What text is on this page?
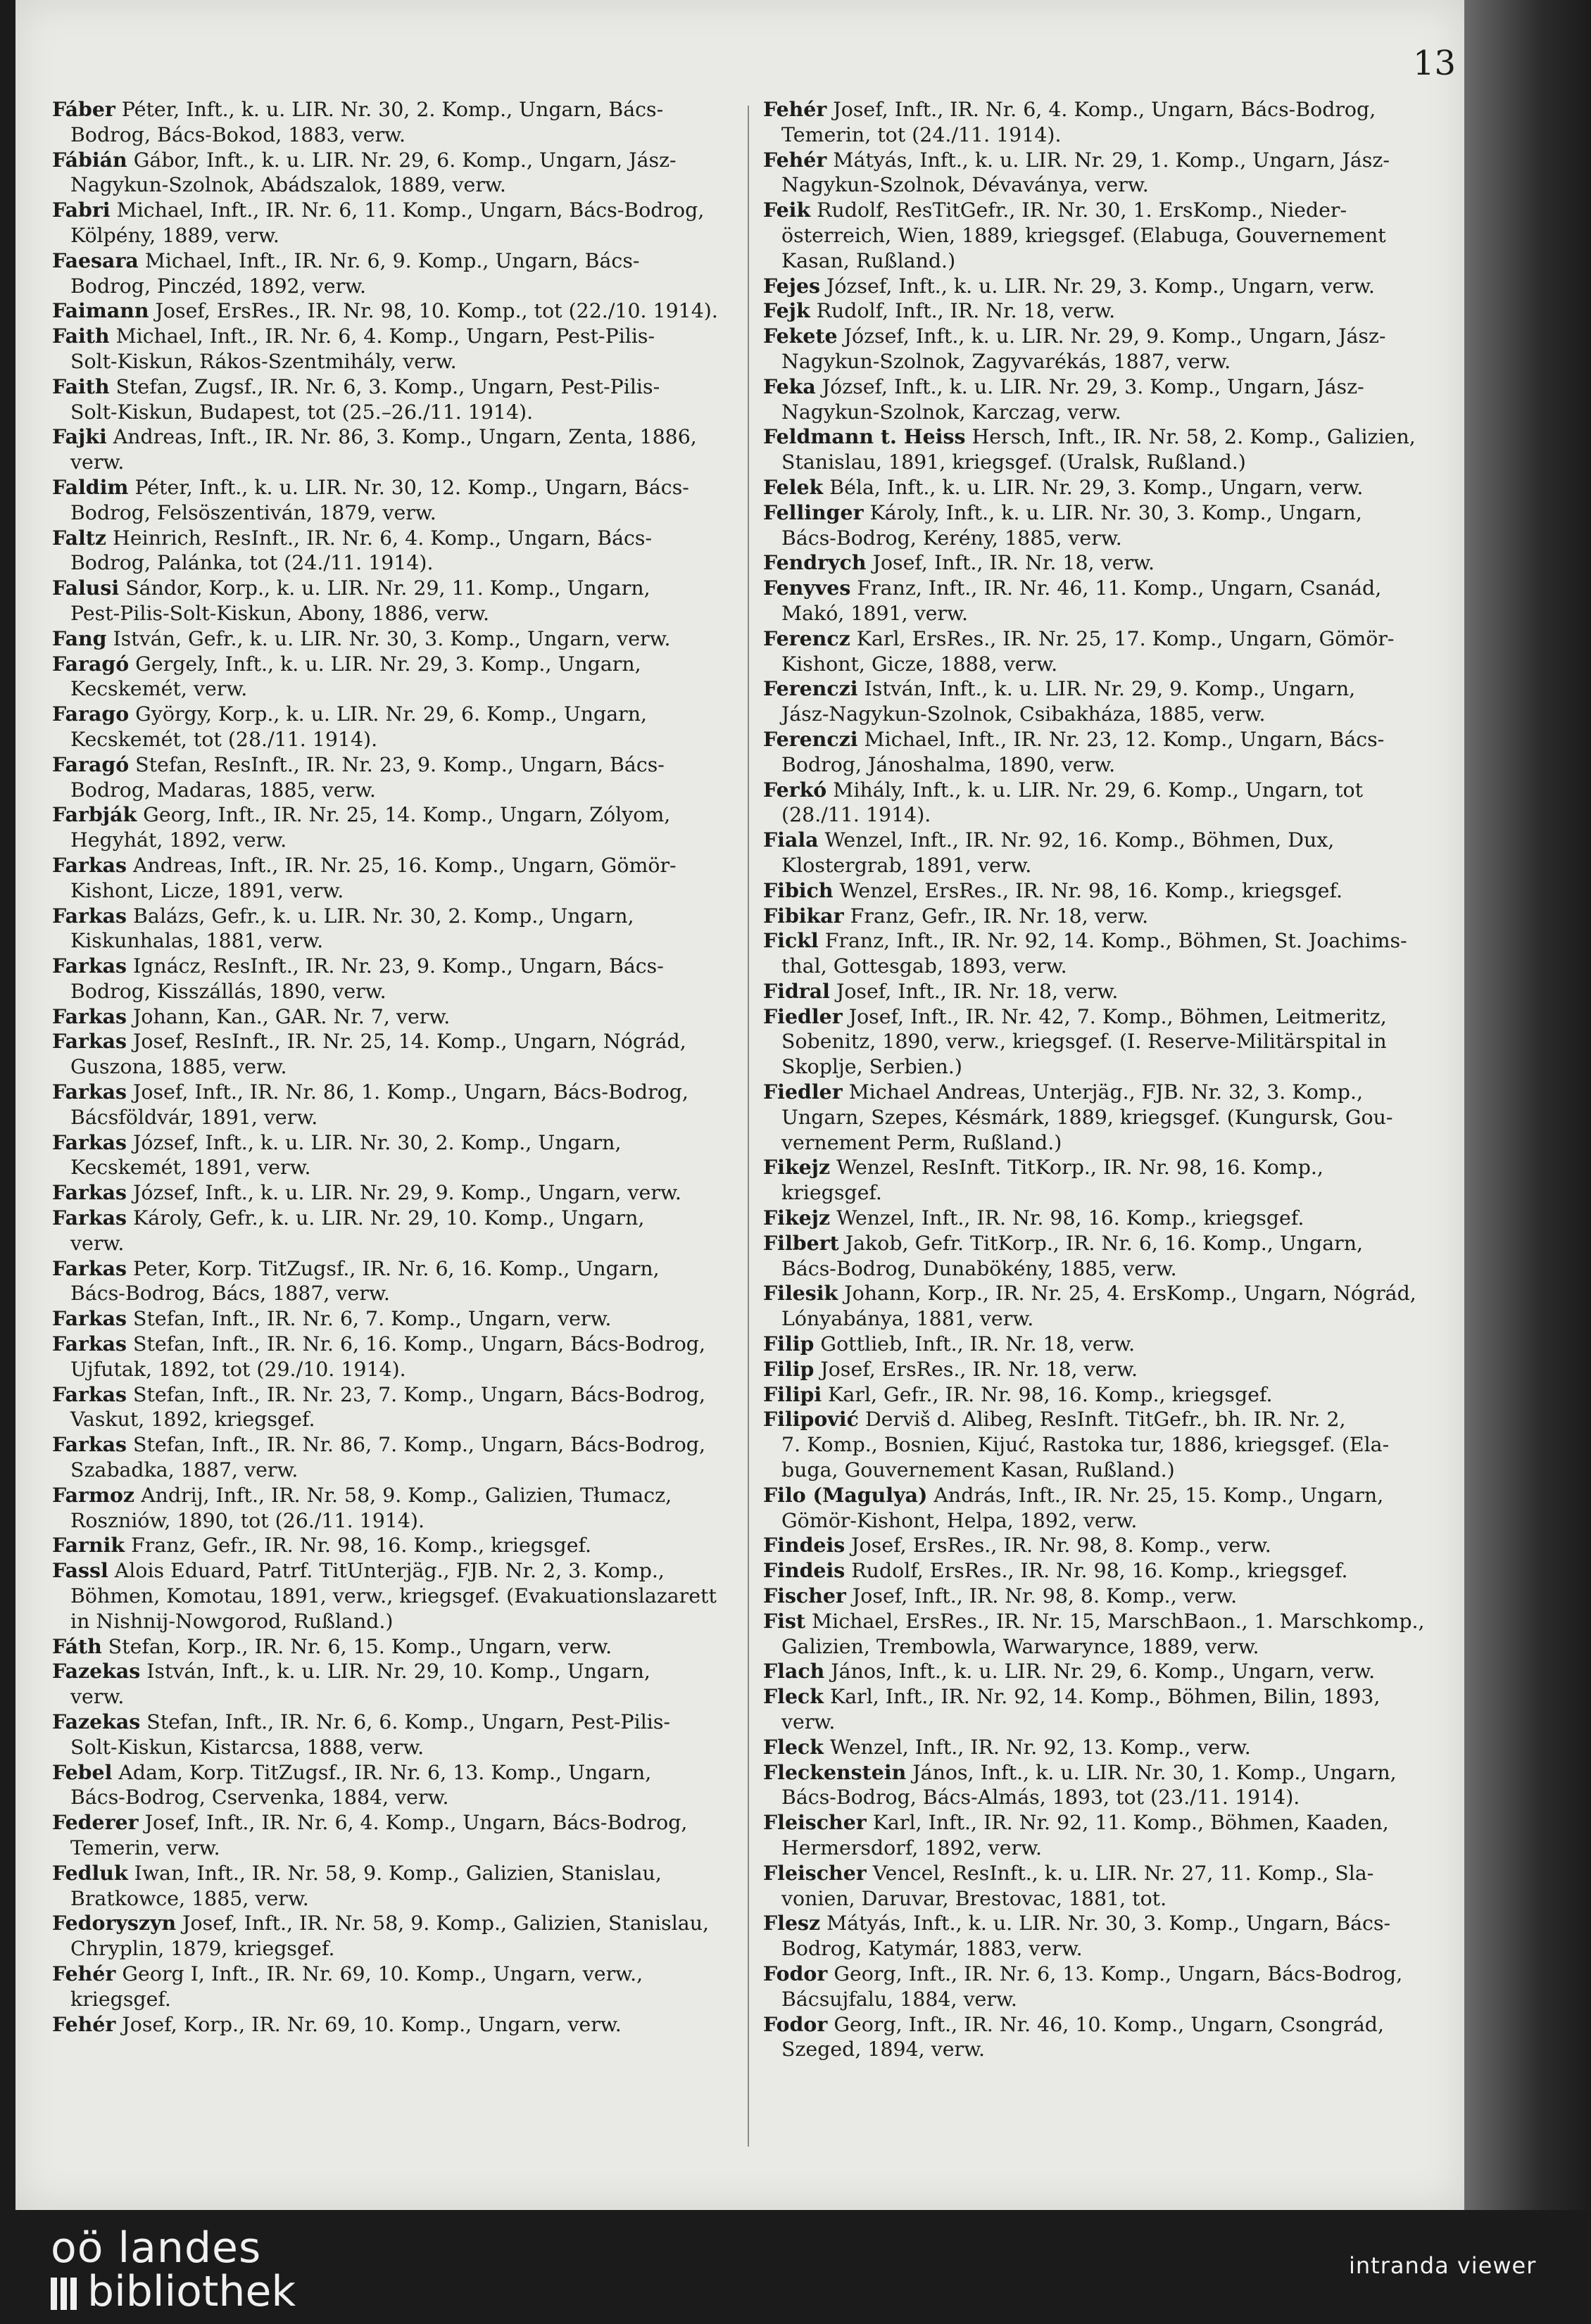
13
Fáber Péter, Inft., k. u. LIR. Nr. 30, 2. Komp., Ungarn, Bács-
Bodrog, Bács-Bokod, 1883, verw.
Fábián Gábor, Inft., k. u. LIR. Nr. 29, 6. Komp., Ungarn, Jász-
Nagykun-Szolnok, Abádszalok, 1889, verw.
Fabri Michael, Inft., IR. Nr. 6, 11. Komp., Ungarn, Bács-Bodrog,
Kölpény, 1889, verw.
Faesara Michael, Inft., IR. Nr. 6, 9. Komp., Ungarn, Bács-
Bodrog, Pinczéd, 1892, verw.
Faimann Josef, ErsRes., IR. Nr. 98, 10. Komp., tot (22./10. 1914).
Faith Michael, Inft., IR. Nr. 6, 4. Komp., Ungarn, Pest-Pilis-
Solt-Kiskun, Rákos-Szentmihály, verw.
Faith Stefan, Zugsf., IR. Nr. 6, 3. Komp., Ungarn, Pest-Pilis-
Solt-Kiskun, Budapest, tot (25.–26./11. 1914).
Fajki Andreas, Inft., IR. Nr. 86, 3. Komp., Ungarn, Zenta, 1886,
verw.
Faldim Péter, Inft., k. u. LIR. Nr. 30, 12. Komp., Ungarn, Bács-
Bodrog, Felsöszentiván, 1879, verw.
Faltz Heinrich, ResInft., IR. Nr. 6, 4. Komp., Ungarn, Bács-
Bodrog, Palánka, tot (24./11. 1914).
Falusi Sándor, Korp., k. u. LIR. Nr. 29, 11. Komp., Ungarn,
Pest-Pilis-Solt-Kiskun, Abony, 1886, verw.
Fang István, Gefr., k. u. LIR. Nr. 30, 3. Komp., Ungarn, verw.
Faragó Gergely, Inft., k. u. LIR. Nr. 29, 3. Komp., Ungarn,
Kecskemét, verw.
Farago György, Korp., k. u. LIR. Nr. 29, 6. Komp., Ungarn,
Kecskemét, tot (28./11. 1914).
Faragó Stefan, ResInft., IR. Nr. 23, 9. Komp., Ungarn, Bács-
Bodrog, Madaras, 1885, verw.
Farbják Georg, Inft., IR. Nr. 25, 14. Komp., Ungarn, Zólyom,
Hegyhát, 1892, verw.
Farkas Andreas, Inft., IR. Nr. 25, 16. Komp., Ungarn, Gömör-
Kishont, Licze, 1891, verw.
Farkas Balázs, Gefr., k. u. LIR. Nr. 30, 2. Komp., Ungarn,
Kiskunhalas, 1881, verw.
Farkas Ignácz, ResInft., IR. Nr. 23, 9. Komp., Ungarn, Bács-
Bodrog, Kisszállás, 1890, verw.
Farkas Johann, Kan., GAR. Nr. 7, verw.
Farkas Josef, ResInft., IR. Nr. 25, 14. Komp., Ungarn, Nógrád,
Guszona, 1885, verw.
Farkas Josef, Inft., IR. Nr. 86, 1. Komp., Ungarn, Bács-Bodrog,
Bácsföldvár, 1891, verw.
Farkas József, Inft., k. u. LIR. Nr. 30, 2. Komp., Ungarn,
Kecskemét, 1891, verw.
Farkas József, Inft., k. u. LIR. Nr. 29, 9. Komp., Ungarn, verw.
Farkas Károly, Gefr., k. u. LIR. Nr. 29, 10. Komp., Ungarn,
verw.
Farkas Peter, Korp. TitZugsf., IR. Nr. 6, 16. Komp., Ungarn,
Bács-Bodrog, Bács, 1887, verw.
Farkas Stefan, Inft., IR. Nr. 6, 7. Komp., Ungarn, verw.
Farkas Stefan, Inft., IR. Nr. 6, 16. Komp., Ungarn, Bács-Bodrog,
Ujfutak, 1892, tot (29./10. 1914).
Farkas Stefan, Inft., IR. Nr. 23, 7. Komp., Ungarn, Bács-Bodrog,
Vaskut, 1892, kriegsgef.
Farkas Stefan, Inft., IR. Nr. 86, 7. Komp., Ungarn, Bács-Bodrog,
Szabadka, 1887, verw.
Farmoz Andrij, Inft., IR. Nr. 58, 9. Komp., Galizien, Tłumacz,
Roszniów, 1890, tot (26./11. 1914).
Farnik Franz, Gefr., IR. Nr. 98, 16. Komp., kriegsgef.
Fassl Alois Eduard, Patrf. TitUnterjäg., FJB. Nr. 2, 3. Komp.,
Böhmen, Komotau, 1891, verw., kriegsgef. (Evakuationslazarett
in Nishnij-Nowgorod, Rußland.)
Fáth Stefan, Korp., IR. Nr. 6, 15. Komp., Ungarn, verw.
Fazekas István, Inft., k. u. LIR. Nr. 29, 10. Komp., Ungarn,
verw.
Fazekas Stefan, Inft., IR. Nr. 6, 6. Komp., Ungarn, Pest-Pilis-
Solt-Kiskun, Kistarcsa, 1888, verw.
Febel Adam, Korp. TitZugsf., IR. Nr. 6, 13. Komp., Ungarn,
Bács-Bodrog, Cservenka, 1884, verw.
Federer Josef, Inft., IR. Nr. 6, 4. Komp., Ungarn, Bács-Bodrog,
Temerin, verw.
Fedluk Iwan, Inft., IR. Nr. 58, 9. Komp., Galizien, Stanislau,
Bratkowce, 1885, verw.
Fedoryszyn Josef, Inft., IR. Nr. 58, 9. Komp., Galizien, Stanislau,
Chryplin, 1879, kriegsgef.
Fehér Georg I, Inft., IR. Nr. 69, 10. Komp., Ungarn, verw.,
kriegsgef.
Fehér Josef, Korp., IR. Nr. 69, 10. Komp., Ungarn, verw.
Fehér Josef, Inft., IR. Nr. 6, 4. Komp., Ungarn, Bács-Bodrog,
Temerin, tot (24./11. 1914).
Fehér Mátyás, Inft., k. u. LIR. Nr. 29, 1. Komp., Ungarn, Jász-
Nagykun-Szolnok, Dévaványa, verw.
Feik Rudolf, ResTitGefr., IR. Nr. 30, 1. ErsKomp., Nieder-
österreich, Wien, 1889, kriegsgef. (Elabuga, Gouvernement
Kasan, Rußland.)
Fejes József, Inft., k. u. LIR. Nr. 29, 3. Komp., Ungarn, verw.
Fejk Rudolf, Inft., IR. Nr. 18, verw.
Fekete József, Inft., k. u. LIR. Nr. 29, 9. Komp., Ungarn, Jász-
Nagykun-Szolnok, Zagyvarékás, 1887, verw.
Feka József, Inft., k. u. LIR. Nr. 29, 3. Komp., Ungarn, Jász-
Nagykun-Szolnok, Karczag, verw.
Feldmann t. Heiss Hersch, Inft., IR. Nr. 58, 2. Komp., Galizien,
Stanislau, 1891, kriegsgef. (Uralsk, Rußland.)
Felek Béla, Inft., k. u. LIR. Nr. 29, 3. Komp., Ungarn, verw.
Fellinger Károly, Inft., k. u. LIR. Nr. 30, 3. Komp., Ungarn,
Bács-Bodrog, Kerény, 1885, verw.
Fendrych Josef, Inft., IR. Nr. 18, verw.
Fenyves Franz, Inft., IR. Nr. 46, 11. Komp., Ungarn, Csanád,
Makó, 1891, verw.
Ferencz Karl, ErsRes., IR. Nr. 25, 17. Komp., Ungarn, Gömör-
Kishont, Gicze, 1888, verw.
Ferenczi István, Inft., k. u. LIR. Nr. 29, 9. Komp., Ungarn,
Jász-Nagykun-Szolnok, Csibakháza, 1885, verw.
Ferenczi Michael, Inft., IR. Nr. 23, 12. Komp., Ungarn, Bács-
Bodrog, Jánoshalma, 1890, verw.
Ferkó Mihály, Inft., k. u. LIR. Nr. 29, 6. Komp., Ungarn, tot
(28./11. 1914).
Fiala Wenzel, Inft., IR. Nr. 92, 16. Komp., Böhmen, Dux,
Klostergrab, 1891, verw.
Fibich Wenzel, ErsRes., IR. Nr. 98, 16. Komp., kriegsgef.
Fibikar Franz, Gefr., IR. Nr. 18, verw.
Fickl Franz, Inft., IR. Nr. 92, 14. Komp., Böhmen, St. Joachims-
thal, Gottesgab, 1893, verw.
Fidral Josef, Inft., IR. Nr. 18, verw.
Fiedler Josef, Inft., IR. Nr. 42, 7. Komp., Böhmen, Leitmeritz,
Sobenitz, 1890, verw., kriegsgef. (I. Reserve-Militärspital in
Skoplje, Serbien.)
Fiedler Michael Andreas, Unterjäg., FJB. Nr. 32, 3. Komp.,
Ungarn, Szepes, Késmárk, 1889, kriegsgef. (Kungursk, Gou-
vernement Perm, Rußland.)
Fikejz Wenzel, ResInft. TitKorp., IR. Nr. 98, 16. Komp.,
kriegsgef.
Fikejz Wenzel, Inft., IR. Nr. 98, 16. Komp., kriegsgef.
Filbert Jakob, Gefr. TitKorp., IR. Nr. 6, 16. Komp., Ungarn,
Bács-Bodrog, Dunabökény, 1885, verw.
Filesik Johann, Korp., IR. Nr. 25, 4. ErsKomp., Ungarn, Nógrád,
Lónyabánya, 1881, verw.
Filip Gottlieb, Inft., IR. Nr. 18, verw.
Filip Josef, ErsRes., IR. Nr. 18, verw.
Filipi Karl, Gefr., IR. Nr. 98, 16. Komp., kriegsgef.
Filipović Derviš d. Alibeg, ResInft. TitGefr., bh. IR. Nr. 2,
7. Komp., Bosnien, Kijuć, Rastoka tur, 1886, kriegsgef. (Ela-
buga, Gouvernement Kasan, Rußland.)
Filo (Magulya) András, Inft., IR. Nr. 25, 15. Komp., Ungarn,
Gömör-Kishont, Helpa, 1892, verw.
Findeis Josef, ErsRes., IR. Nr. 98, 8. Komp., verw.
Findeis Rudolf, ErsRes., IR. Nr. 98, 16. Komp., kriegsgef.
Fischer Josef, Inft., IR. Nr. 98, 8. Komp., verw.
Fist Michael, ErsRes., IR. Nr. 15, MarschBaon., 1. Marschkomp.,
Galizien, Trembowla, Warwarynce, 1889, verw.
Flach János, Inft., k. u. LIR. Nr. 29, 6. Komp., Ungarn, verw.
Fleck Karl, Inft., IR. Nr. 92, 14. Komp., Böhmen, Bilin, 1893,
verw.
Fleck Wenzel, Inft., IR. Nr. 92, 13. Komp., verw.
Fleckenstein János, Inft., k. u. LIR. Nr. 30, 1. Komp., Ungarn,
Bács-Bodrog, Bács-Almás, 1893, tot (23./11. 1914).
Fleischer Karl, Inft., IR. Nr. 92, 11. Komp., Böhmen, Kaaden,
Hermersdorf, 1892, verw.
Fleischer Vencel, ResInft., k. u. LIR. Nr. 27, 11. Komp., Sla-
vonien, Daruvar, Brestovac, 1881, tot.
Flesz Mátyás, Inft., k. u. LIR. Nr. 30, 3. Komp., Ungarn, Bács-
Bodrog, Katymár, 1883, verw.
Fodor Georg, Inft., IR. Nr. 6, 13. Komp., Ungarn, Bács-Bodrog,
Bácsujfalu, 1884, verw.
Fodor Georg, Inft., IR. Nr. 46, 10. Komp., Ungarn, Csongrád,
Szeged, 1894, verw.
oö landes
bibliothek
intranda viewer
